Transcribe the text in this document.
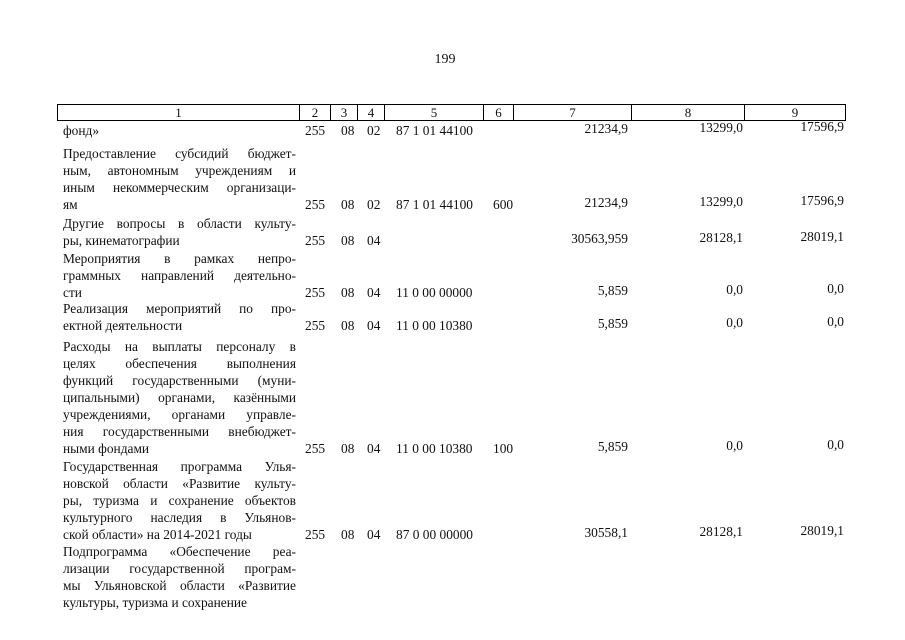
199
1	2	3	4	5	6	7	8	9
фонд»	255 08 02 87 1 01 44100	21234,9	13299,0	17596,9
Предоставление субсидий бюджет-
ным, автономным учреждениям и
иным некоммерческим организаци-
ям	255 08 02 87 1 01 44100 600	21234,9	13299,0	17596,9
Другие вопросы в области культу-
ры, кинематографии	255 08 04	30563,959	28128,1	28019,1
Мероприятия в рамках непро-
граммных направлений деятельно-
сти	255 08 04 11 0 00 00000	5,859	0,0	0,0
Реализация мероприятий по про-
ектной деятельности	255 08 04 11 0 00 10380	5,859	0,0	0,0
Расходы на выплаты персоналу в
целях обеспечения выполнения
функций государственными (муни-
ципальными) органами, казёнными
учреждениями, органами управле-
ния государственными внебюджет-
ными фондами	255 08 04 11 0 00 10380 100	5,859	0,0	0,0
Государственная программа Улья-
новской области «Развитие культу-
ры, туризма и сохранение объектов
культурного наследия в Ульянов-
ской области» на 2014-2021 годы	255 08 04 87 0 00 00000	30558,1	28128,1	28019,1
Подпрограмма «Обеспечение реа-
лизации государственной програм-
мы Ульяновской области «Развитие
культуры, туризма и сохранение
